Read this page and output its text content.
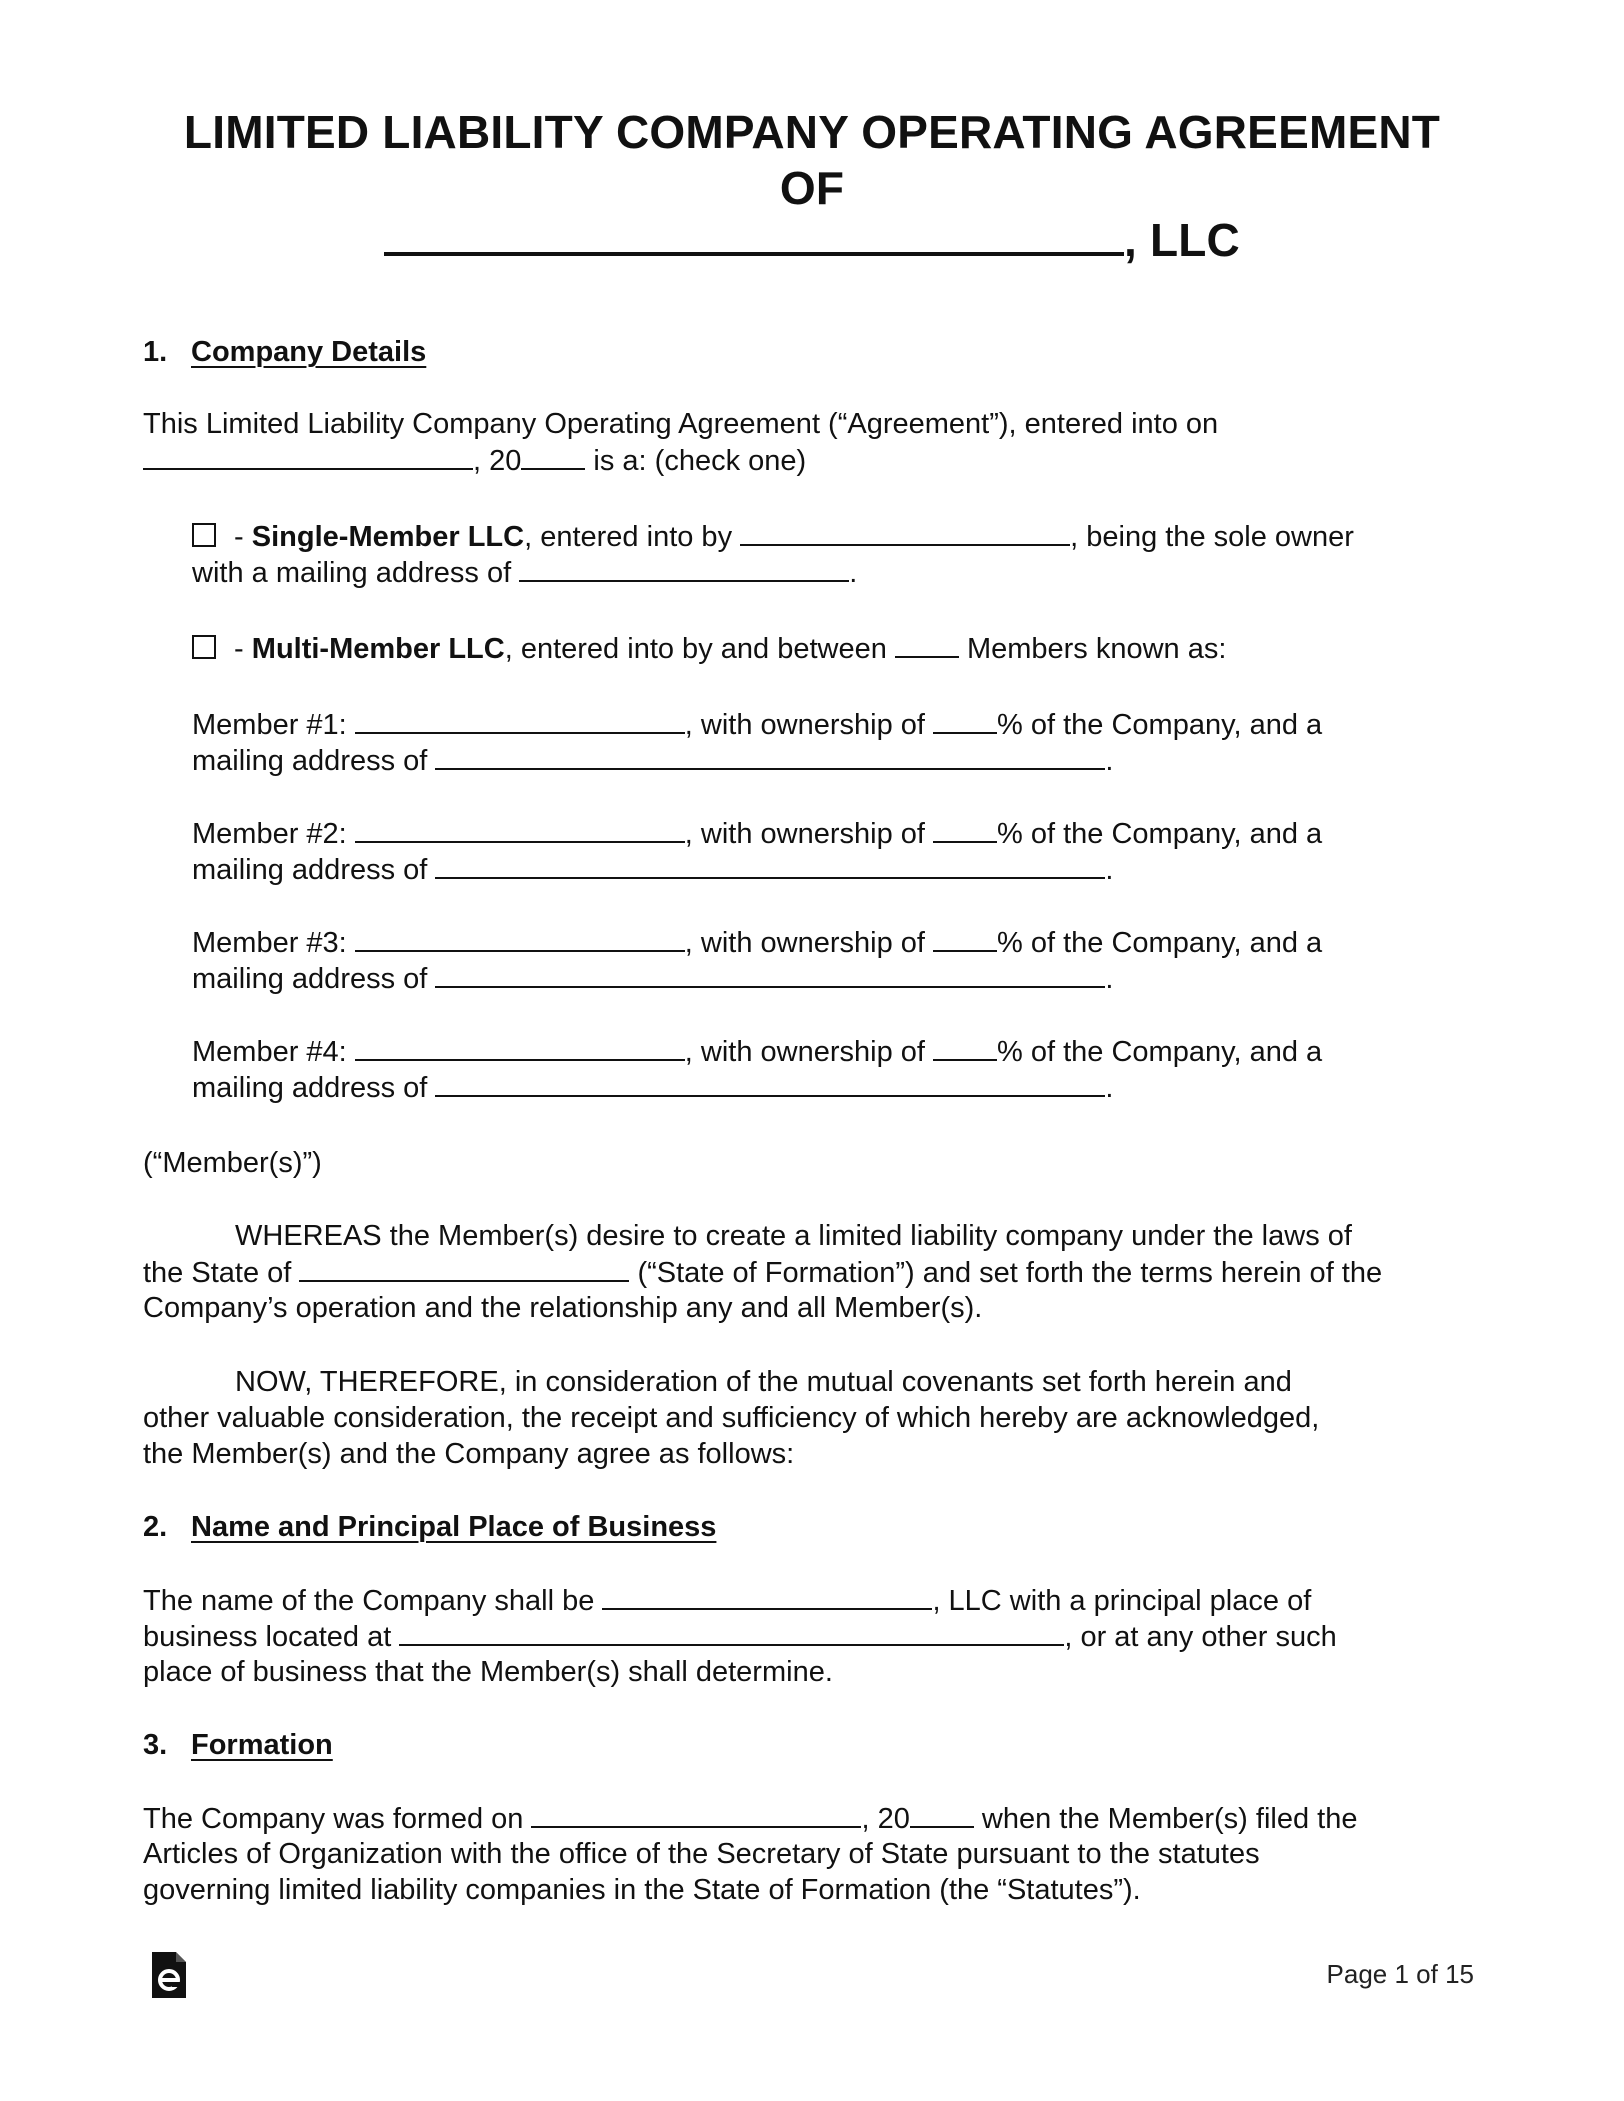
LIMITED LIABILITY COMPANY OPERATING AGREEMENT
OF
, LLC
1. Company Details
This Limited Liability Company Operating Agreement (“Agreement”), entered into on
, 20 is a: (check one)
- Single-Member LLC, entered into by	, being the sole owner
with a mailing address of	.
- Multi-Member LLC, entered into by and between  Members known as:
Member #1:	, with ownership of % of the Company, and a
mailing address of	.
Member #2:	, with ownership of % of the Company, and a
mailing address of	.
Member #3:	, with ownership of % of the Company, and a
mailing address of	.
Member #4:	, with ownership of % of the Company, and a
mailing address of	.
(“Member(s)”)
WHEREAS the Member(s) desire to create a limited liability company under the laws of
the State of	(“State of Formation”) and set forth the terms herein of the
Company’s operation and the relationship any and all Member(s).
NOW, THEREFORE, in consideration of the mutual covenants set forth herein and
other valuable consideration, the receipt and sufficiency of which hereby are acknowledged,
the Member(s) and the Company agree as follows:
2. Name and Principal Place of Business
The name of the Company shall be	, LLC with a principal place of
business located at	, or at any other such
place of business that the Member(s) shall determine.
3. Formation
The Company was formed on	, 20 when the Member(s) filed the
Articles of Organization with the office of the Secretary of State pursuant to the statutes
governing limited liability companies in the State of Formation (the “Statutes”).
Page 1 of 15
